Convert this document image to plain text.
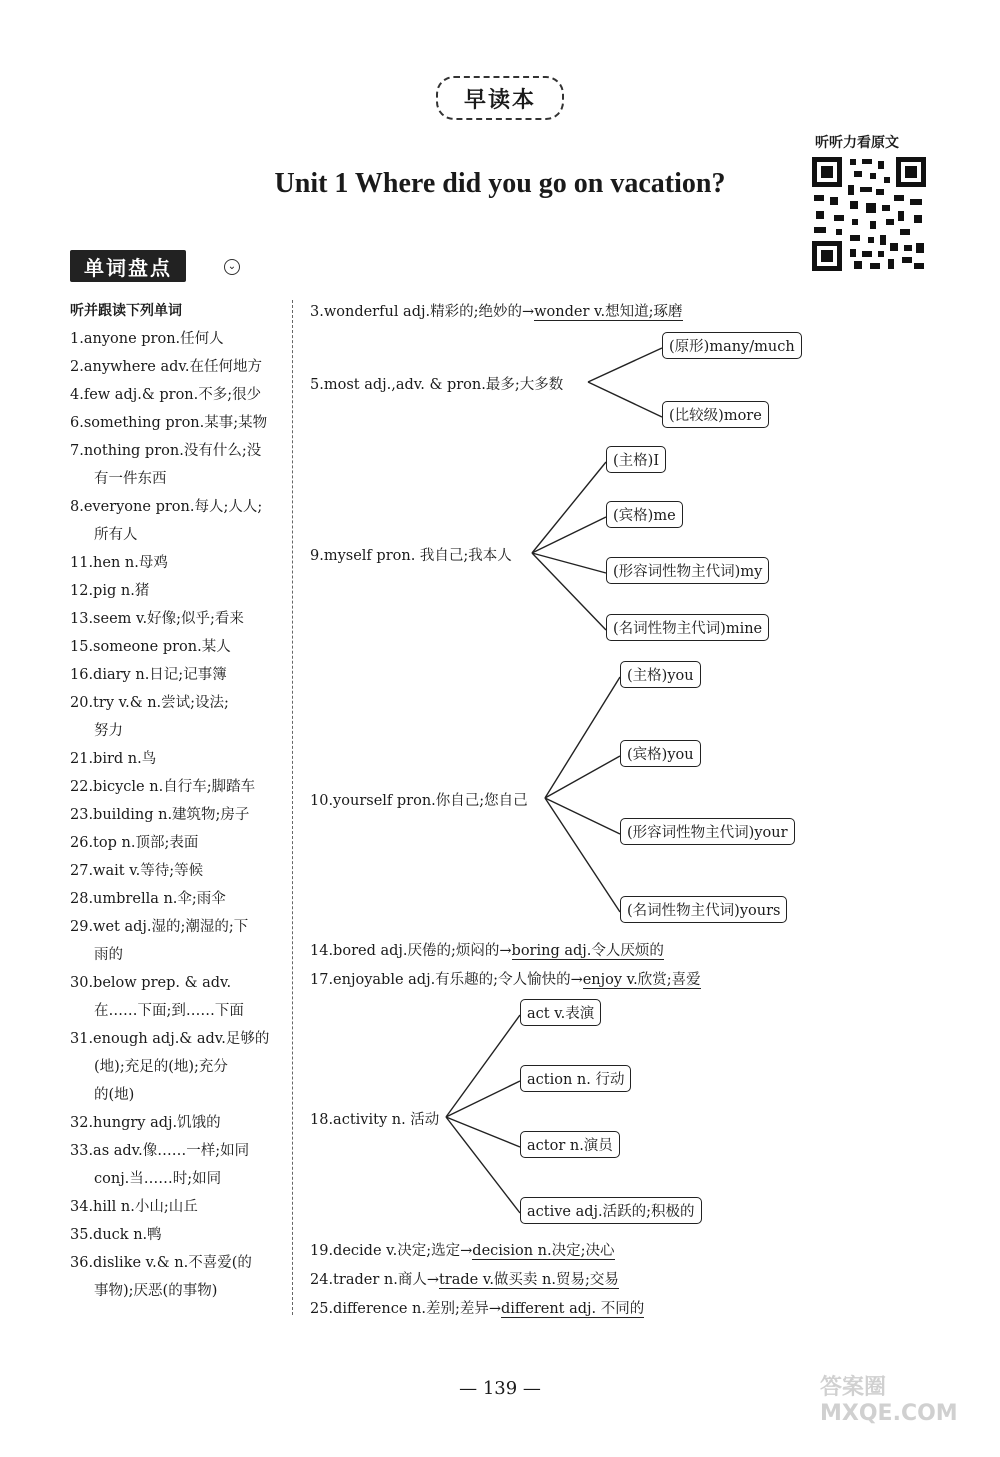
早读本
听听力看原文
Unit 1 Where did you go on vacation?
单词盘点	⌄
听并跟读下列单词
1.anyone pron.任何人
2.anywhere adv.在任何地方
4.few adj.& pron.不多;很少
6.something pron.某事;某物
7.nothing pron.没有什么;没
有一件东西
8.everyone pron.每人;人人;
所有人
11.hen n.母鸡
12.pig n.猪
13.seem v.好像;似乎;看来
15.someone pron.某人
16.diary n.日记;记事簿
20.try v.& n.尝试;设法;
努力
21.bird n.鸟
22.bicycle n.自行车;脚踏车
23.building n.建筑物;房子
26.top n.顶部;表面
27.wait v.等待;等候
28.umbrella n.伞;雨伞
29.wet adj.湿的;潮湿的;下
雨的
30.below prep. & adv.
在……下面;到……下面
31.enough adj.& adv.足够的
(地);充足的(地);充分
的(地)
32.hungry adj.饥饿的
33.as adv.像……一样;如同
conj.当……时;如同
34.hill n.小山;山丘
35.duck n.鸭
36.dislike v.& n.不喜爱(的
事物);厌恶(的事物)
3.wonderful adj.精彩的;绝妙的→wonder v.想知道;琢磨
5.most adj.,adv. & pron.最多;大多数
(原形)many/much
(比较级)more
9.myself pron. 我自己;我本人
(主格)I
(宾格)me
(形容词性物主代词)my
(名词性物主代词)mine
10.yourself pron.你自己;您自己
(主格)you
(宾格)you
(形容词性物主代词)your
(名词性物主代词)yours
14.bored adj.厌倦的;烦闷的→boring adj.令人厌烦的
17.enjoyable adj.有乐趣的;令人愉快的→enjoy v.欣赏;喜爱
18.activity n. 活动
act v.表演
action n. 行动
actor n.演员
active adj.活跃的;积极的
19.decide v.决定;选定→decision n.决定;决心
24.trader n.商人→trade v.做买卖 n.贸易;交易
25.difference n.差别;差异→different adj. 不同的
— 139 —	答案圈 MXQE.COM
